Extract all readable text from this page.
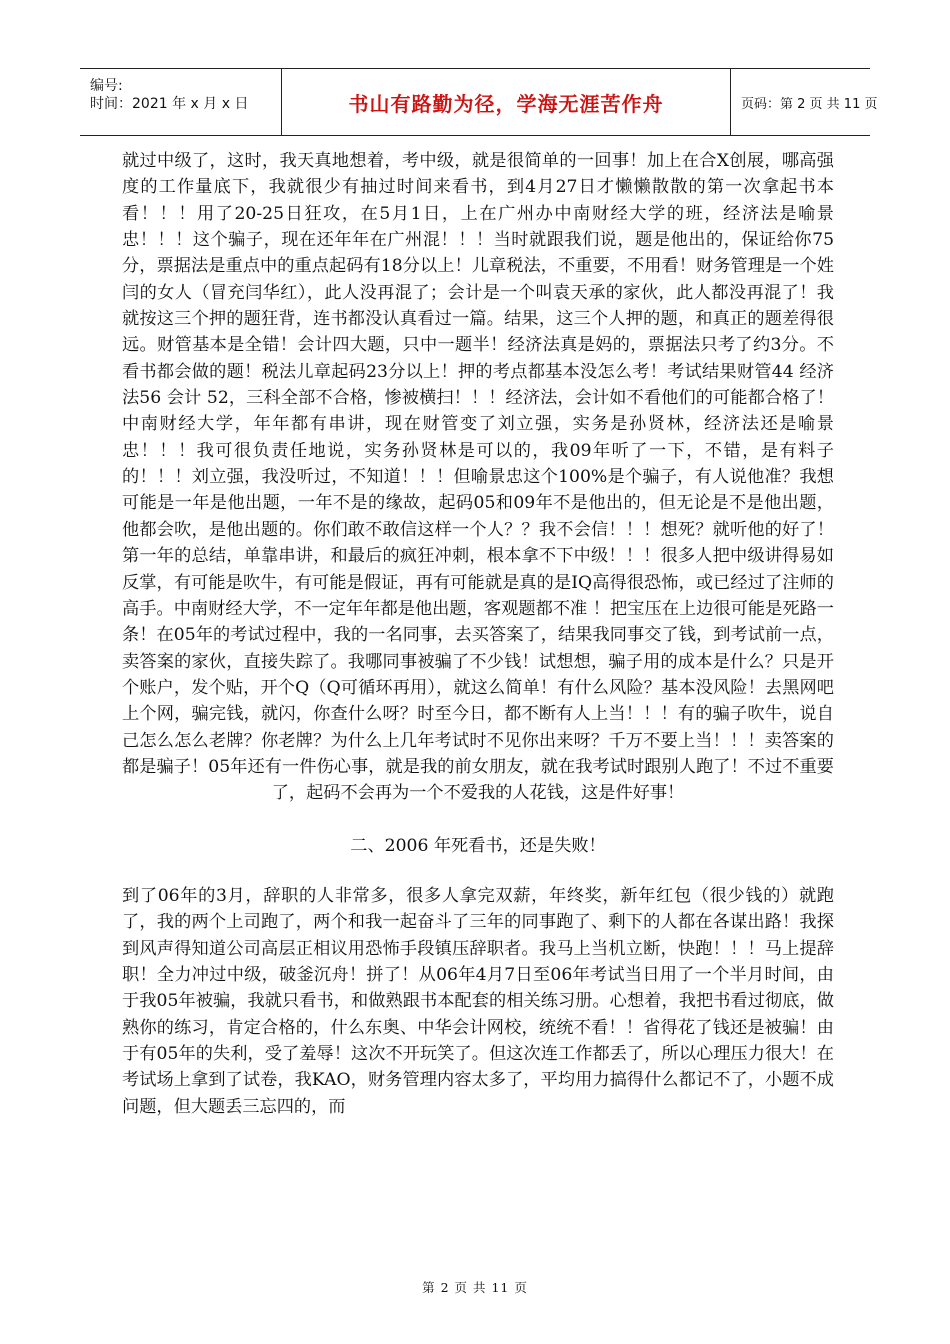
编号:
时间：2021 年 x 月 x 日	书山有路勤为径，学海无涯苦作舟	页码：第 2 页 共 11 页

就过中级了，这时，我天真地想着，考中级，就是很简单的一回事！加上在合X创展，哪高强度的工作量底下，我就很少有抽过时间来看书，到4月27日才懒懒散散的第一次拿起书本看！！！用了20-25日狂攻，在5月1日，上在广州办中南财经大学的班，经济法是喻景忠！！！这个骗子，现在还年年在广州混！！！当时就跟我们说，题是他出的，保证给你75分，票据法是重点中的重点起码有18分以上！儿章税法，不重要，不用看！财务管理是一个姓闫的女人（冒充闫华红），此人没再混了；会计是一个叫袁天承的家伙，此人都没再混了！我就按这三个押的题狂背，连书都没认真看过一篇。结果，这三个人押的题，和真正的题差得很远。财管基本是全错！会计四大题，只中一题半！经济法真是妈的，票据法只考了约3分。不看书都会做的题！税法儿章起码23分以上！押的考点都基本没怎么考！考试结果财管44 经济法56 会计 52，三科全部不合格，惨被横扫！！！经济法，会计如不看他们的可能都合格了！中南财经大学，年年都有串讲，现在财管变了刘立强，实务是孙贤林，经济法还是喻景忠！！！我可很负责任地说，实务孙贤林是可以的，我09年听了一下，不错，是有料子的！！！刘立强，我没听过，不知道！！！但喻景忠这个100%是个骗子，有人说他准？我想可能是一年是他出题，一年不是的缘故，起码05和09年不是他出的，但无论是不是他出题，他都会吹，是他出题的。你们敢不敢信这样一个人？？我不会信！！！想死？就听他的好了！第一年的总结，单靠串讲，和最后的疯狂冲刺，根本拿不下中级！！！很多人把中级讲得易如反掌，有可能是吹牛，有可能是假证，再有可能就是真的是IQ高得很恐怖，或已经过了注师的高手。中南财经大学，不一定年年都是他出题，客观题都不准 ！把宝压在上边很可能是死路一条！在05年的考试过程中，我的一名同事，去买答案了，结果我同事交了钱，到考试前一点，卖答案的家伙，直接失踪了。我哪同事被骗了不少钱！试想想，骗子用的成本是什么？只是开个账户，发个贴，开个Q（Q可循环再用），就这么简单！有什么风险？基本没风险！去黑网吧上个网，骗完钱，就闪，你查什么呀？时至今日，都不断有人上当！！！有的骗子吹牛，说自己怎么怎么老牌？你老牌？为什么上几年考试时不见你出来呀？千万不要上当！！！卖答案的都是骗子！05年还有一件伤心事，就是我的前女朋友，就在我考试时跟别人跑了！不过不重要了，起码不会再为一个不爱我的人花钱，这是件好事！

二、2006 年死看书，还是失败！

到了06年的3月，辞职的人非常多，很多人拿完双薪，年终奖，新年红包（很少钱的）就跑了，我的两个上司跑了，两个和我一起奋斗了三年的同事跑了、剩下的人都在各谋出路！我探到风声得知道公司高层正相议用恐怖手段镇压辞职者。我马上当机立断，快跑！！！马上提辞职！全力冲过中级，破釜沉舟！拼了！从06年4月7日至06年考试当日用了一个半月时间，由于我05年被骗，我就只看书，和做熟跟书本配套的相关练习册。心想着，我把书看过彻底，做熟你的练习，肯定合格的，什么东奥、中华会计网校，统统不看！！省得花了钱还是被骗！由于有05年的失利，受了羞辱！这次不开玩笑了。但这次连工作都丢了，所以心理压力很大！在考试场上拿到了试卷，我KAO，财务管理内容太多了，平均用力搞得什么都记不了，小题不成问题，但大题丢三忘四的，而

第 2 页 共 11 页
